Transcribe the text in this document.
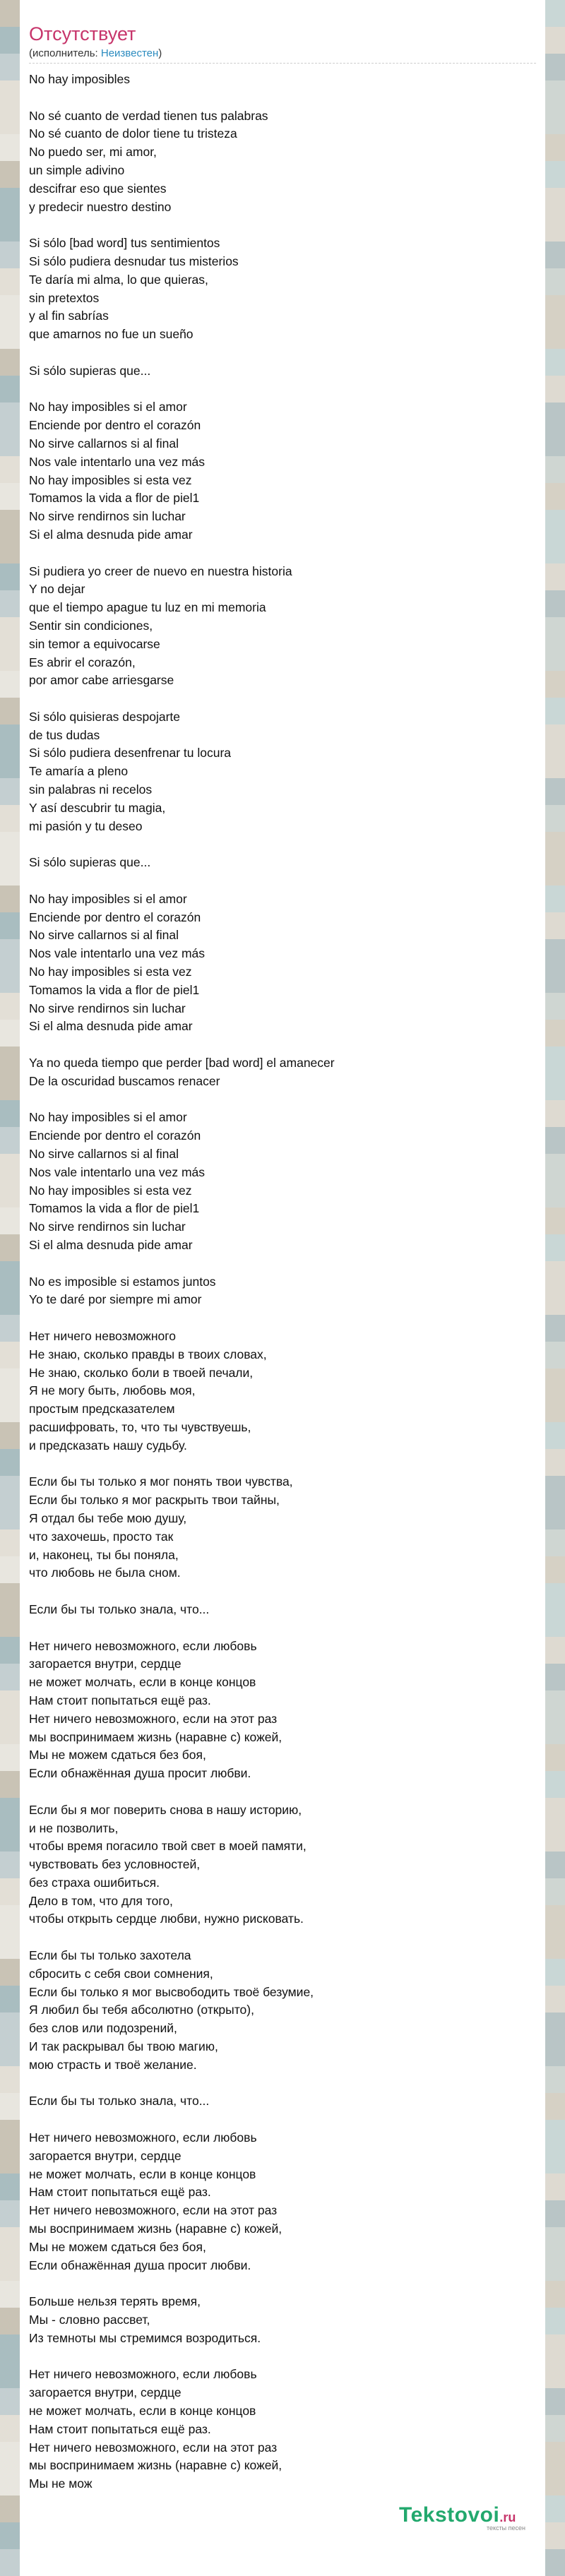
Отсутствует
(исполнитель: Неизвестен)
No hay imposibles
No sé cuanto de verdad tienen tus palabras
No sé cuanto de dolor tiene tu tristeza
No puedo ser, mi amor,
un simple adivino
descifrar eso que sientes
y predecir nuestro destino
Si sólo [bad word] tus sentimientos
Si sólo pudiera desnudar tus misterios
Te daría mi alma, lo que quieras,
sin pretextos
y al fin sabrías
que amarnos no fue un sueño
Si sólo supieras que...
No hay imposibles si el amor
Enciende por dentro el corazón
No sirve callarnos si al final
Nos vale intentarlo una vez más
No hay imposibles si esta vez
Tomamos la vida a flor de piel1
No sirve rendirnos sin luchar
Si el alma desnuda pide amar
Si pudiera yo creer de nuevo en nuestra historia
Y no dejar
que el tiempo apague tu luz en mi memoria
Sentir sin condiciones,
sin temor a equivocarse
Es abrir el corazón,
por amor cabe arriesgarse
Si sólo quisieras despojarte
de tus dudas
Si sólo pudiera desenfrenar tu locura
Te amaría a pleno
sin palabras ni recelos
Y así descubrir tu magia,
mi pasión y tu deseo
Si sólo supieras que...
No hay imposibles si el amor
Enciende por dentro el corazón
No sirve callarnos si al final
Nos vale intentarlo una vez más
No hay imposibles si esta vez
Tomamos la vida a flor de piel1
No sirve rendirnos sin luchar
Si el alma desnuda pide amar
Ya no queda tiempo que perder [bad word] el amanecer
De la oscuridad buscamos renacer
No hay imposibles si el amor
Enciende por dentro el corazón
No sirve callarnos si al final
Nos vale intentarlo una vez más
No hay imposibles si esta vez
Tomamos la vida a flor de piel1
No sirve rendirnos sin luchar
Si el alma desnuda pide amar
No es imposible si estamos juntos
Yo te daré por siempre mi amor
Нет ничего невозможного
Не знаю, сколько правды в твоих словах,
Не знаю, сколько боли в твоей печали,
Я не могу быть, любовь моя,
простым предсказателем
расшифровать, то, что ты чувствуешь,
и предсказать нашу судьбу.
Если бы ты только я мог понять твои чувства,
Если бы только я мог раскрыть твои тайны,
Я отдал бы тебе мою душу,
что захочешь, просто так
и, наконец, ты бы поняла,
что любовь не была сном.
Если бы ты только знала, что...
Нет ничего невозможного, если любовь
загорается внутри, сердце
не может молчать, если в конце концов
Нам стоит попытаться ещё раз.
Нет ничего невозможного, если на этот раз
мы воспринимаем жизнь (наравне с) кожей,
Мы не можем сдаться без боя,
Если обнажённая душа просит любви.
Если бы я мог поверить снова в нашу историю,
и не позволить,
чтобы время погасило твой свет в моей памяти,
чувствовать без условностей,
без страха ошибиться.
Дело в том, что для того,
чтобы открыть сердце любви, нужно рисковать.
Если бы ты только захотела
сбросить с себя свои сомнения,
Если бы только я мог высвободить твоё безумие,
Я любил бы тебя абсолютно (открыто),
без слов или подозрений,
И так раскрывал бы твою магию,
мою страсть и твоё желание.
Если бы ты только знала, что...
Нет ничего невозможного, если любовь
загорается внутри, сердце
не может молчать, если в конце концов
Нам стоит попытаться ещё раз.
Нет ничего невозможного, если на этот раз
мы воспринимаем жизнь (наравне с) кожей,
Мы не можем сдаться без боя,
Если обнажённая душа просит любви.
Больше нельзя терять время,
Мы - словно рассвет,
Из темноты мы стремимся возродиться.
Нет ничего невозможного, если любовь
загорается внутри, сердце
не может молчать, если в конце концов
Нам стоит попытаться ещё раз.
Нет ничего невозможного, если на этот раз
мы воспринимаем жизнь (наравне с) кожей,
Мы не мож
Tekstovoi.ru
тексты песен
